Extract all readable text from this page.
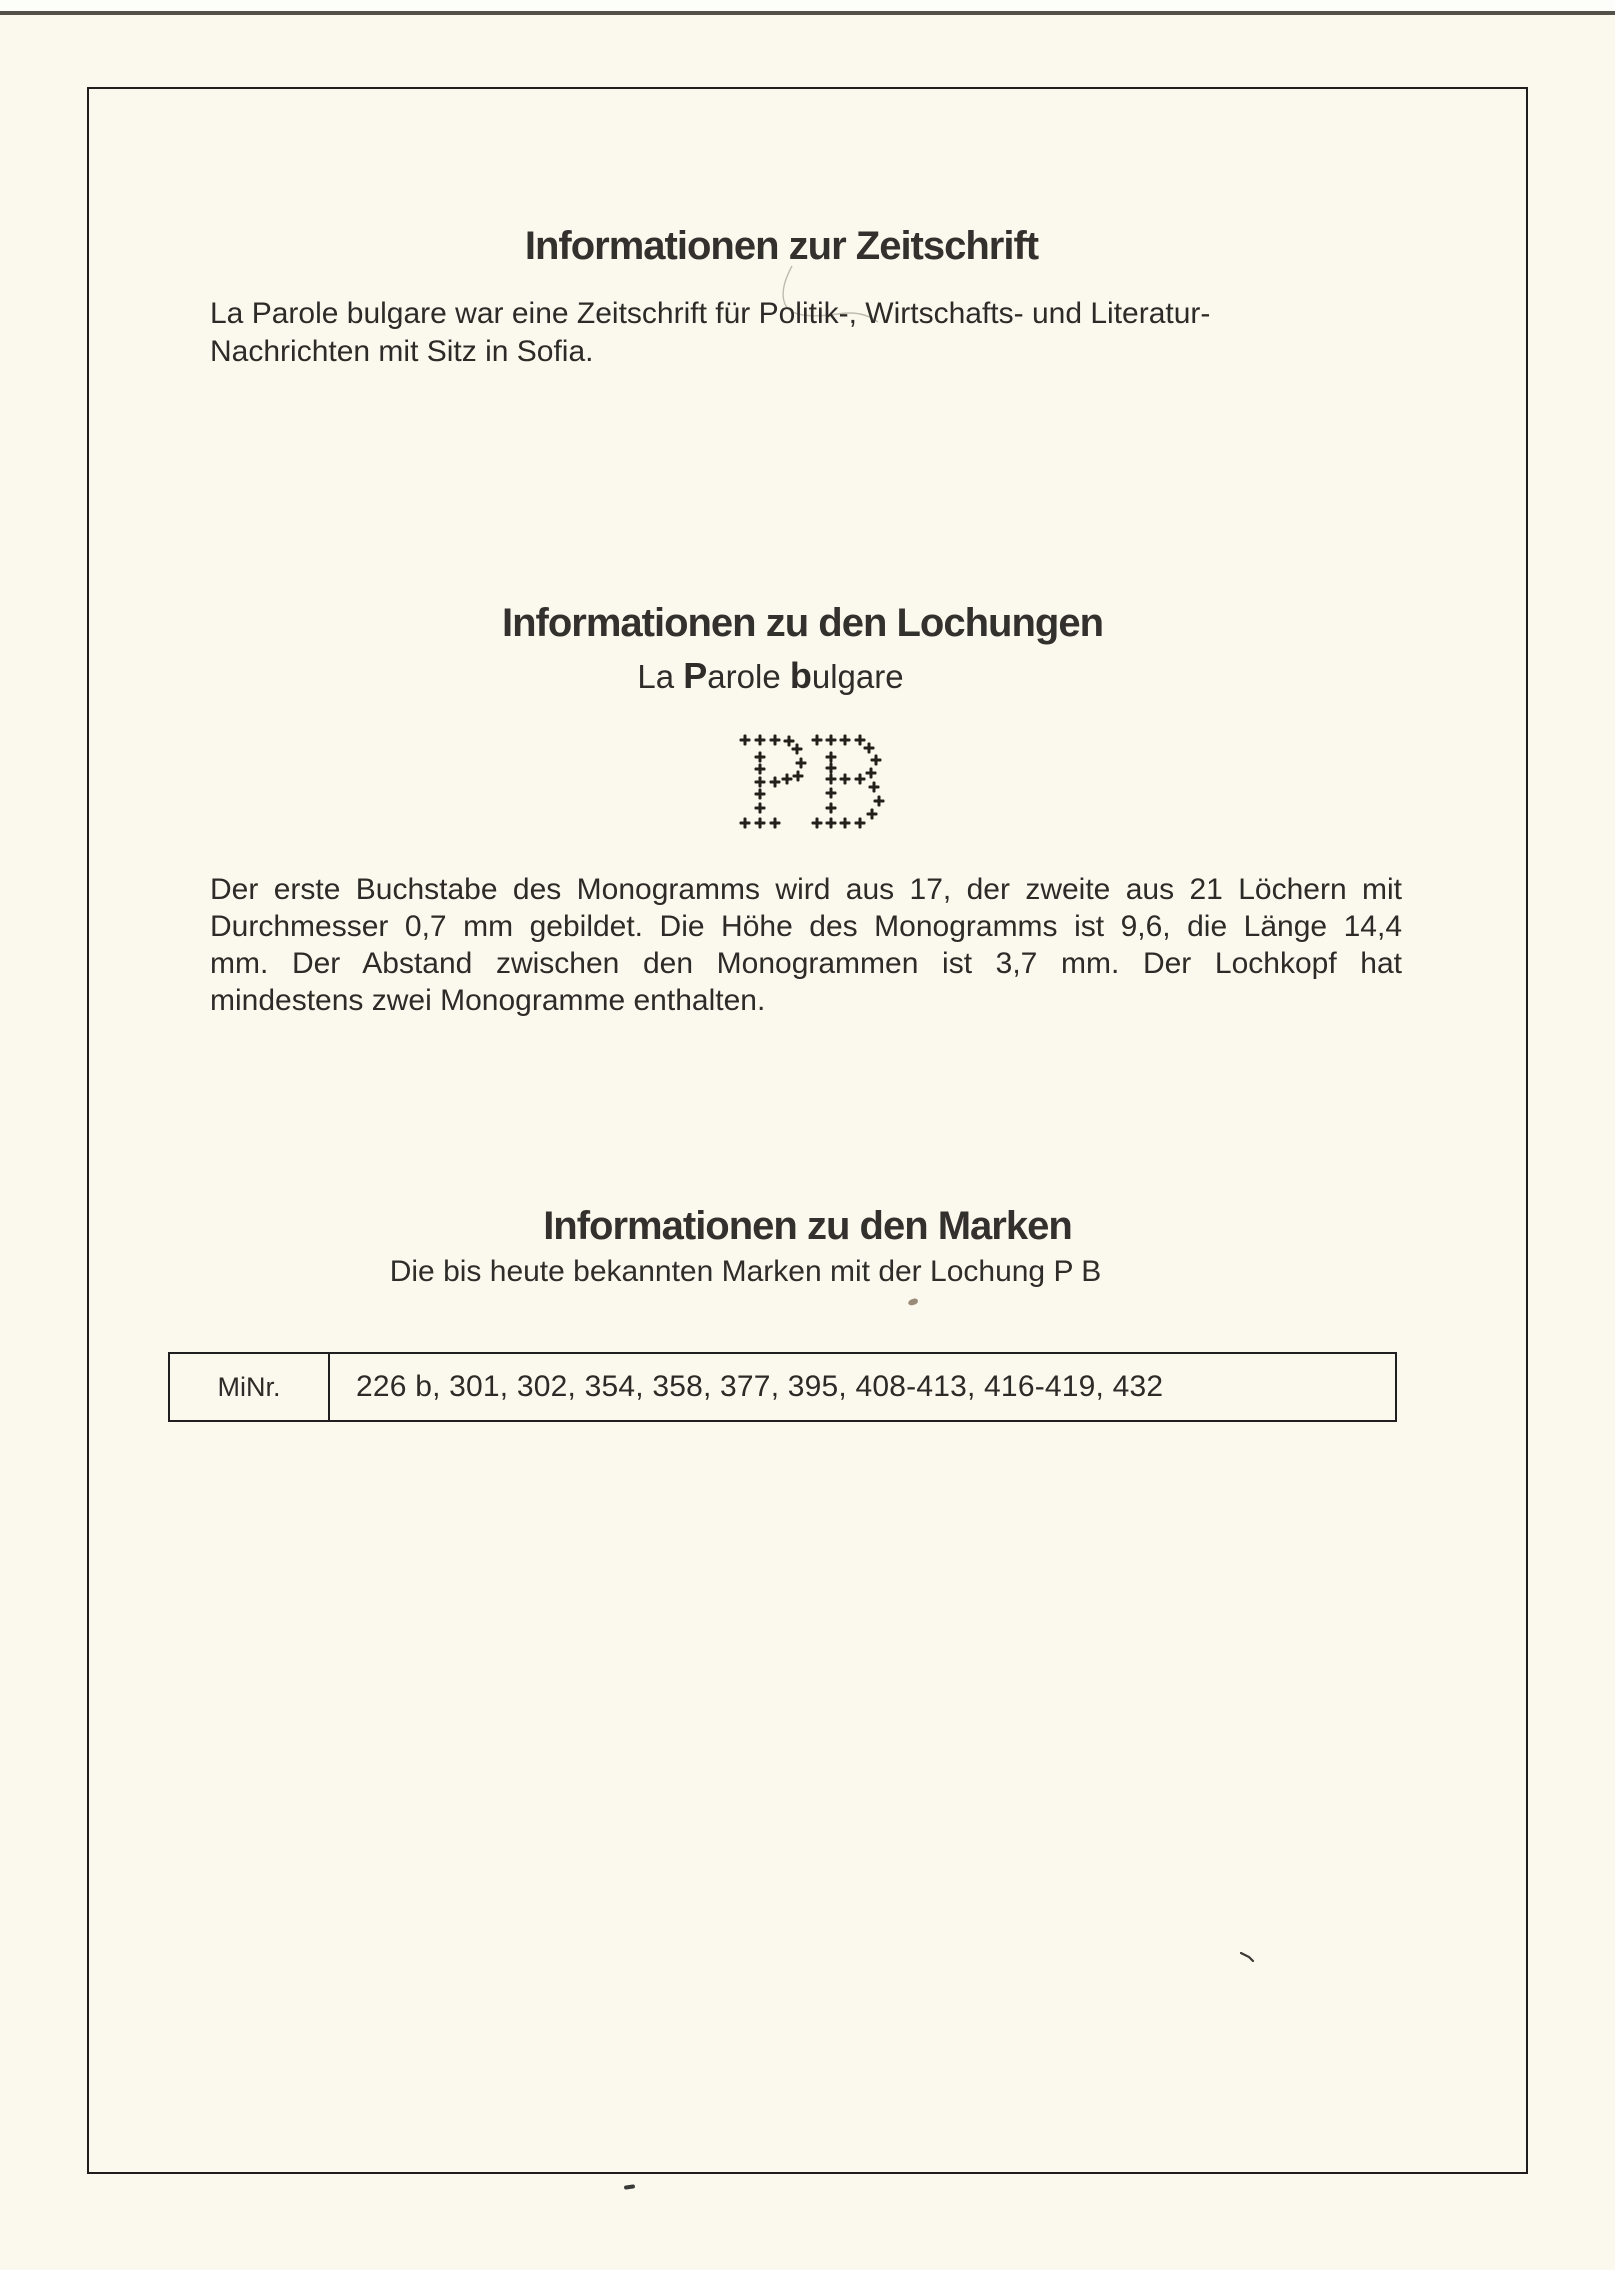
Informationen zur Zeitschrift
La Parole bulgare war eine Zeitschrift für Politik-, Wirtschafts- und Literatur-
Nachrichten mit Sitz in Sofia.
Informationen zu den Lochungen
La Parole bulgare
Der erste Buchstabe des Monogramms wird aus 17, der zweite aus 21 Löchern mit
Durchmesser 0,7 mm gebildet. Die Höhe des Monogramms ist 9,6, die Länge 14,4
mm. Der Abstand zwischen den Monogrammen ist 3,7 mm. Der Lochkopf hat
mindestens zwei Monogramme enthalten.
Informationen zu den Marken
Die bis heute bekannten Marken mit der Lochung P B
MiNr.	226 b, 301, 302, 354, 358, 377, 395, 408-413, 416-419, 432
